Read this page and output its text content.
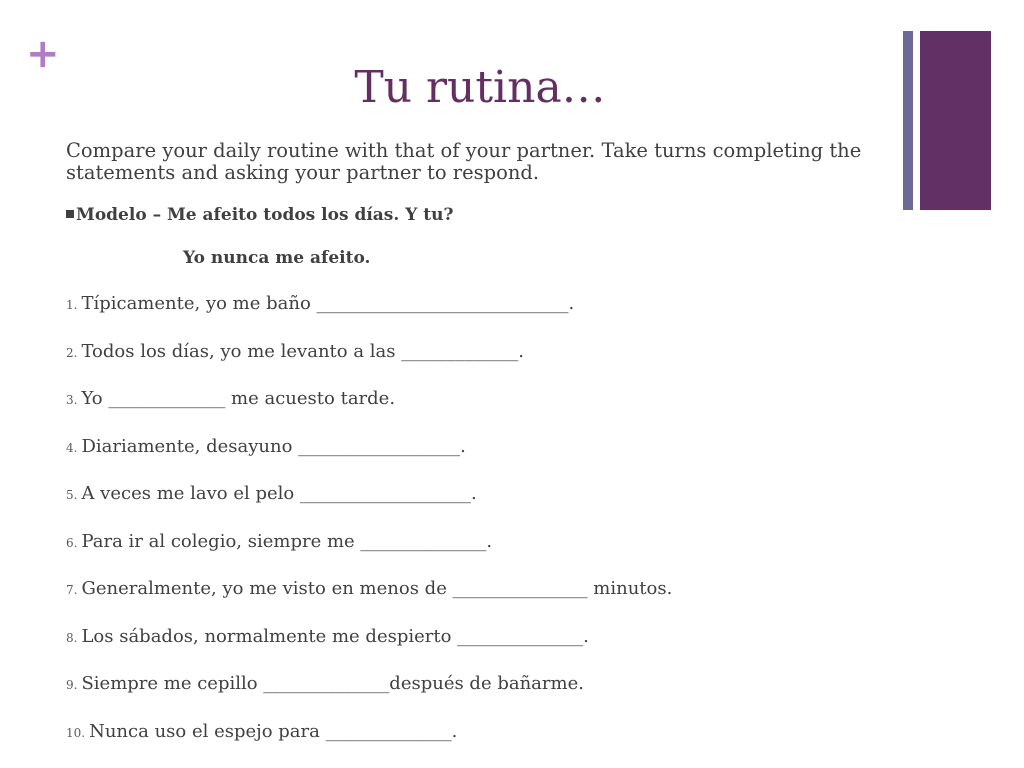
+
Tu rutina…

Compare your daily routine with that of your partner. Take turns completing the statements and asking your partner to respond.

Modelo – Me afeito todos los días. Y tu?

Yo nunca me afeito.

1. Típicamente, yo me baño ____________________________.
2. Todos los días, yo me levanto a las _____________.
3. Yo _____________ me acuesto tarde.
4. Diariamente, desayuno __________________.
5. A veces me lavo el pelo ___________________.
6. Para ir al colegio, siempre me ______________.
7. Generalmente, yo me visto en menos de _______________ minutos.
8. Los sábados, normalmente me despierto ______________.
9. Siempre me cepillo ______________después de bañarme.
10. Nunca uso el espejo para ______________.
